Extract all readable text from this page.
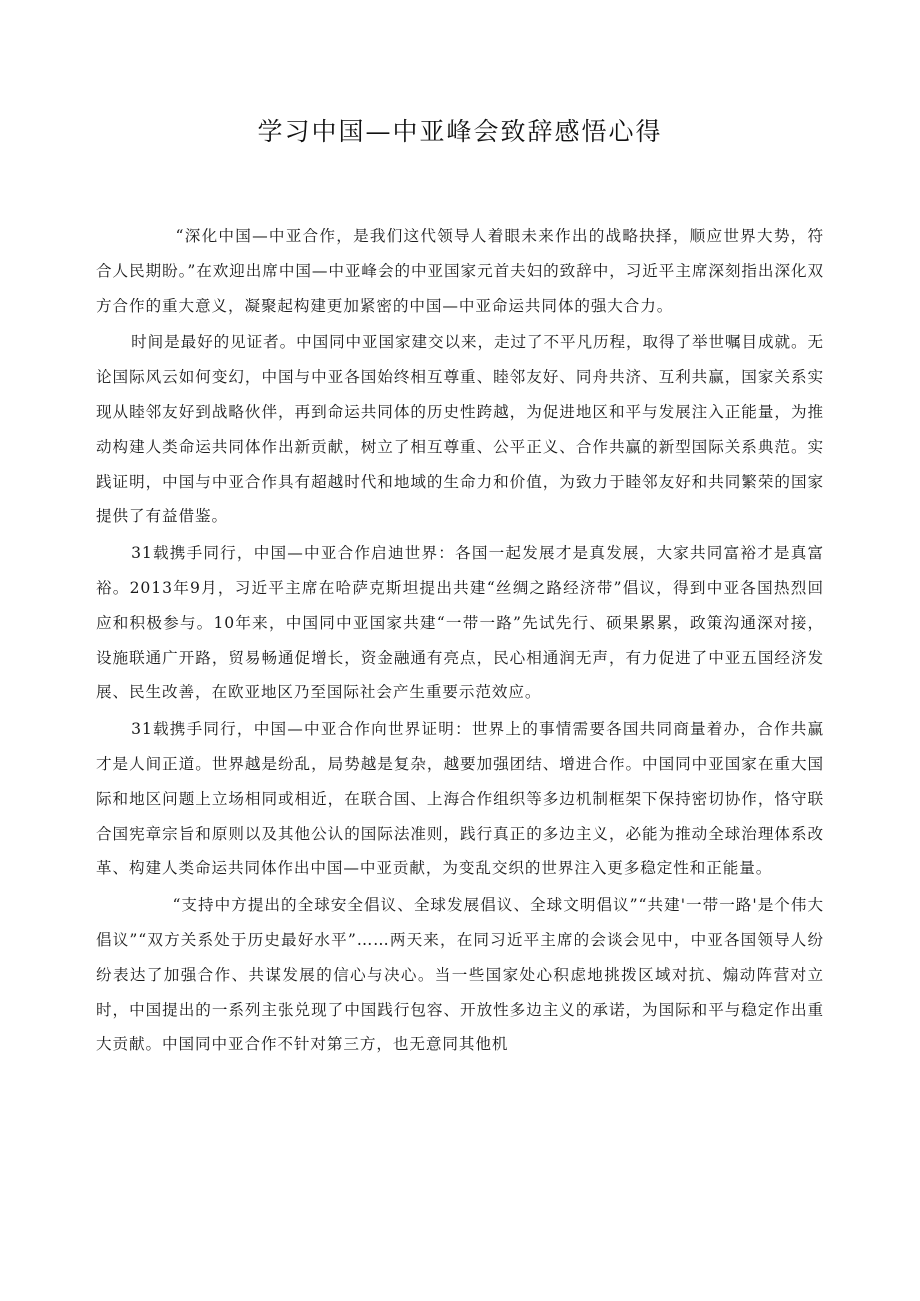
学习中国—中亚峰会致辞感悟心得

“深化中国—中亚合作，是我们这代领导人着眼未来作出的战略抉择，顺应世界大势，符合人民期盼。”在欢迎出席中国—中亚峰会的中亚国家元首夫妇的致辞中，习近平主席深刻指出深化双方合作的重大意义，凝聚起构建更加紧密的中国—中亚命运共同体的强大合力。

时间是最好的见证者。中国同中亚国家建交以来，走过了不平凡历程，取得了举世嘱目成就。无论国际风云如何变幻，中国与中亚各国始终相互尊重、睦邻友好、同舟共济、互利共赢，国家关系实现从睦邻友好到战略伙伴，再到命运共同体的历史性跨越，为促进地区和平与发展注入正能量，为推动构建人类命运共同体作出新贡献，树立了相互尊重、公平正义、合作共赢的新型国际关系典范。实践证明，中国与中亚合作具有超越时代和地域的生命力和价值，为致力于睦邻友好和共同繁荣的国家提供了有益借鉴。

31载携手同行，中国—中亚合作启迪世界：各国一起发展才是真发展，大家共同富裕才是真富裕。2013年9月，习近平主席在哈萨克斯坦提出共建“丝绸之路经济带”倡议，得到中亚各国热烈回应和积极参与。10年来，中国同中亚国家共建“一带一路”先试先行、硕果累累，政策沟通深对接，设施联通广开路，贸易畅通促增长，资金融通有亮点，民心相通润无声，有力促进了中亚五国经济发展、民生改善，在欧亚地区乃至国际社会产生重要示范效应。

31载携手同行，中国—中亚合作向世界证明：世界上的事情需要各国共同商量着办，合作共赢才是人间正道。世界越是纷乱，局势越是复杂，越要加强团结、增进合作。中国同中亚国家在重大国际和地区问题上立场相同或相近，在联合国、上海合作组织等多边机制框架下保持密切协作，恪守联合国宪章宗旨和原则以及其他公认的国际法准则，践行真正的多边主义，必能为推动全球治理体系改革、构建人类命运共同体作出中国—中亚贡献，为变乱交织的世界注入更多稳定性和正能量。

“支持中方提出的全球安全倡议、全球发展倡议、全球文明倡议”“共建'一带一路'是个伟大倡议”“双方关系处于历史最好水平”……两天来，在同习近平主席的会谈会见中，中亚各国领导人纷纷表达了加强合作、共谋发展的信心与决心。当一些国家处心积虑地挑拨区域对抗、煽动阵营对立时，中国提出的一系列主张兑现了中国践行包容、开放性多边主义的承诺，为国际和平与稳定作出重大贡献。中国同中亚合作不针对第三方，也无意同其他机
